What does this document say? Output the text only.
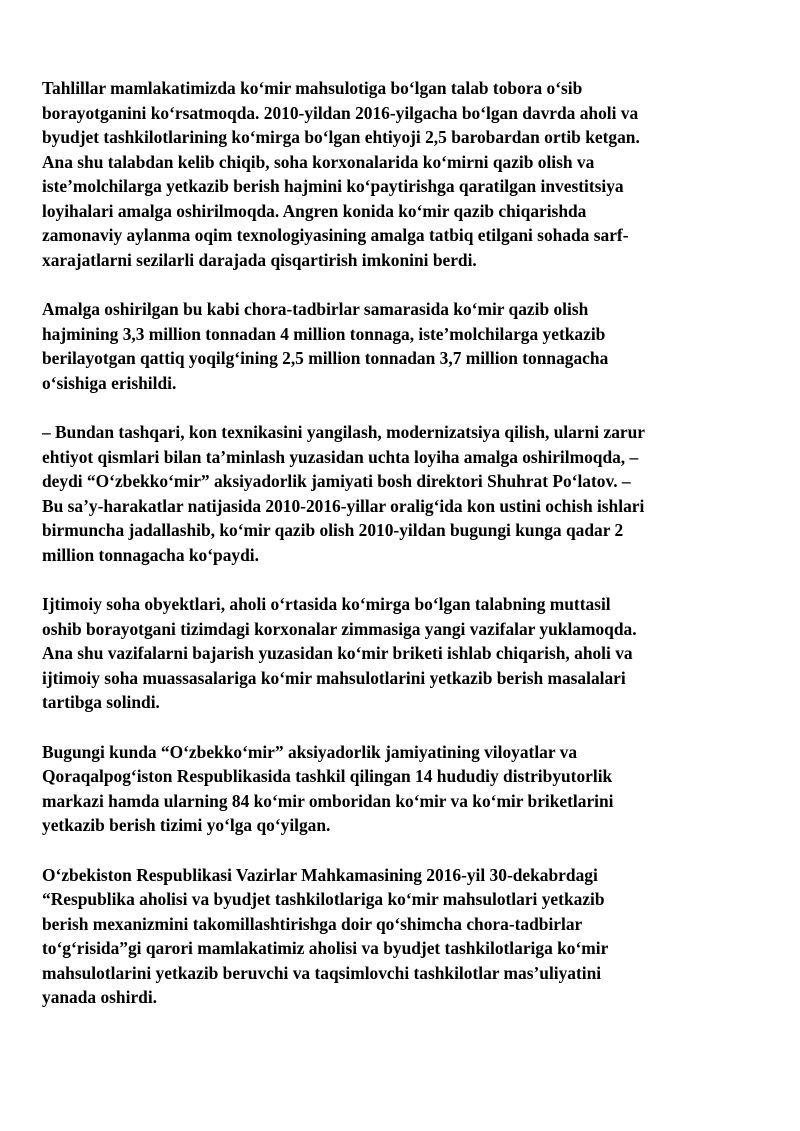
Tahlillar mamlakatimizda koʻmir mahsulotiga boʻlgan talab tobora oʻsib
borayotganini koʻrsatmoqda. 2010-yildan 2016-yilgacha boʻlgan davrda aholi va
byudjet tashkilotlarining koʻmirga boʻlgan ehtiyoji 2,5 barobardan ortib ketgan.
Ana shu talabdan kelib chiqib, soha korxonalarida koʻmirni qazib olish va
isteʼmolchilarga yetkazib berish hajmini koʻpaytirishga qaratilgan investitsiya
loyihalari amalga oshirilmoqda. Angren konida koʻmir qazib chiqarishda
zamonaviy aylanma oqim texnologiyasining amalga tatbiq etilgani sohada sarf-
xarajatlarni sezilarli darajada qisqartirish imkonini berdi.

Amalga oshirilgan bu kabi chora-tadbirlar samarasida koʻmir qazib olish
hajmining 3,3 million tonnadan 4 million tonnaga, isteʼmolchilarga yetkazib
berilayotgan qattiq yoqilgʻining 2,5 million tonnadan 3,7 million tonnagacha
oʻsishiga erishildi.

– Bundan tashqari, kon texnikasini yangilash, modernizatsiya qilish, ularni zarur
ehtiyot qismlari bilan taʼminlash yuzasidan uchta loyiha amalga oshirilmoqda, –
deydi “Oʻzbekkoʻmir” aksiyadorlik jamiyati bosh direktori Shuhrat Poʻlatov. –
Bu saʼy-harakatlar natijasida 2010-2016-yillar oraligʻida kon ustini ochish ishlari
birmuncha jadallashib, koʻmir qazib olish 2010-yildan bugungi kunga qadar 2
million tonnagacha koʻpaydi.

Ijtimoiy soha obyektlari, aholi oʻrtasida koʻmirga boʻlgan talabning muttasil
oshib borayotgani tizimdagi korxonalar zimmasiga yangi vazifalar yuklamoqda.
Ana shu vazifalarni bajarish yuzasidan koʻmir briketi ishlab chiqarish, aholi va
ijtimoiy soha muassasalariga koʻmir mahsulotlarini yetkazib berish masalalari
tartibga solindi.

Bugungi kunda “Oʻzbekkoʻmir” aksiyadorlik jamiyatining viloyatlar va
Qoraqalpogʻiston Respublikasida tashkil qilingan 14 hududiy distribyutorlik
markazi hamda ularning 84 koʻmir omboridan koʻmir va koʻmir briketlarini
yetkazib berish tizimi yoʻlga qoʻyilgan.

Oʻzbekiston Respublikasi Vazirlar Mahkamasining 2016-yil 30-dekabrdagi
“Respublika aholisi va byudjet tashkilotlariga koʻmir mahsulotlari yetkazib
berish mexanizmini takomillashtirishga doir qoʻshimcha chora-tadbirlar
toʻgʻrisida”gi qarori mamlakatimiz aholisi va byudjet tashkilotlariga koʻmir
mahsulotlarini yetkazib beruvchi va taqsimlovchi tashkilotlar masʼuliyatini
yanada oshirdi.
